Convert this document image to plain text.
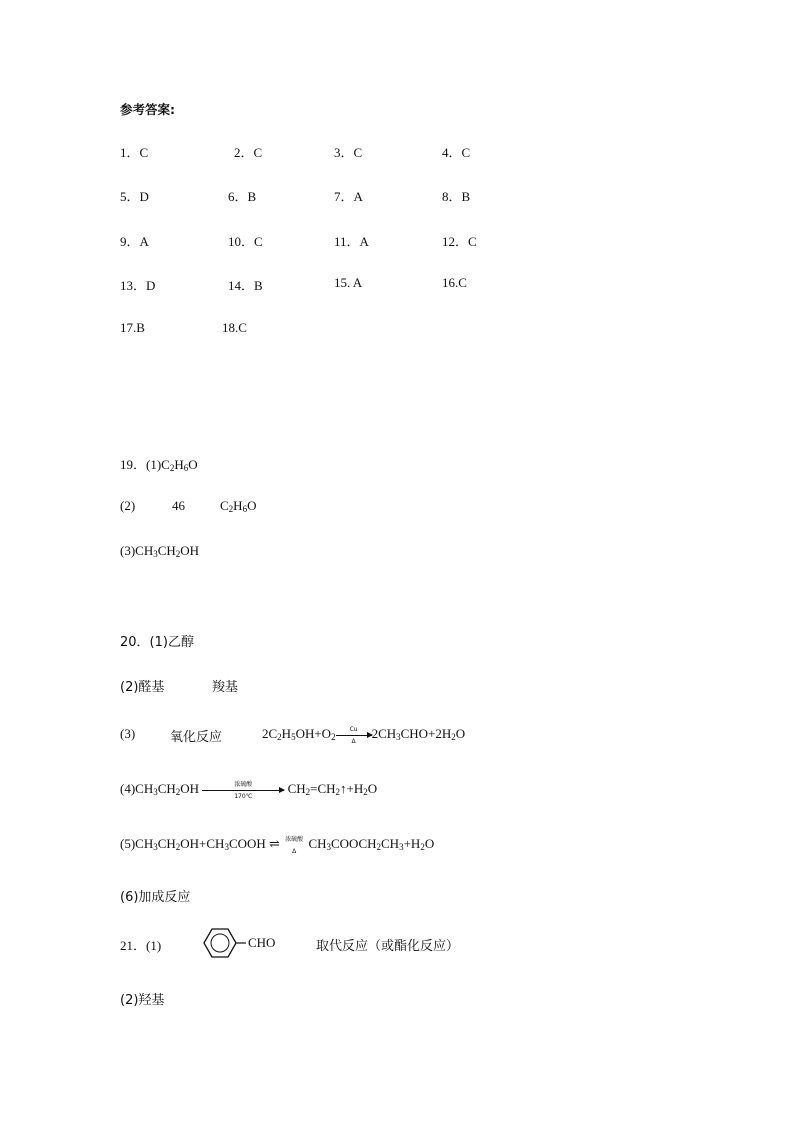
参考答案:
1．C	2．C	3．C	4．C
5．D	6．B	7．A	8．B
9．A	10．C	11．A	12．C
13．D	14．B	15. A	16.C
17.B	18.C
19．$(1)C_2H_6O$
(2)	46	$C_2H_6O$
$(3)CH_3CH_2OH$
20．(1)乙醇
(2)醛基	羧基
(3)	氧化反应	$2C_2H_5OH+O_2 \frac{Cu}{\Delta} 2CH_3CHO+2H_2O$
$(4)CH_3CH_2OH$	浓硫酸
170℃
$CH_2=CH_2↑+H_2O$
$(5)CH_3CH_2OH+CH_3COOH$ ⇌ 浓硫酸
Δ
$CH_3COOCH_2CH_3+H_2O$
(6)加成反应
21．(1)	CHO	取代反应（或酯化反应）
(2)羟基
